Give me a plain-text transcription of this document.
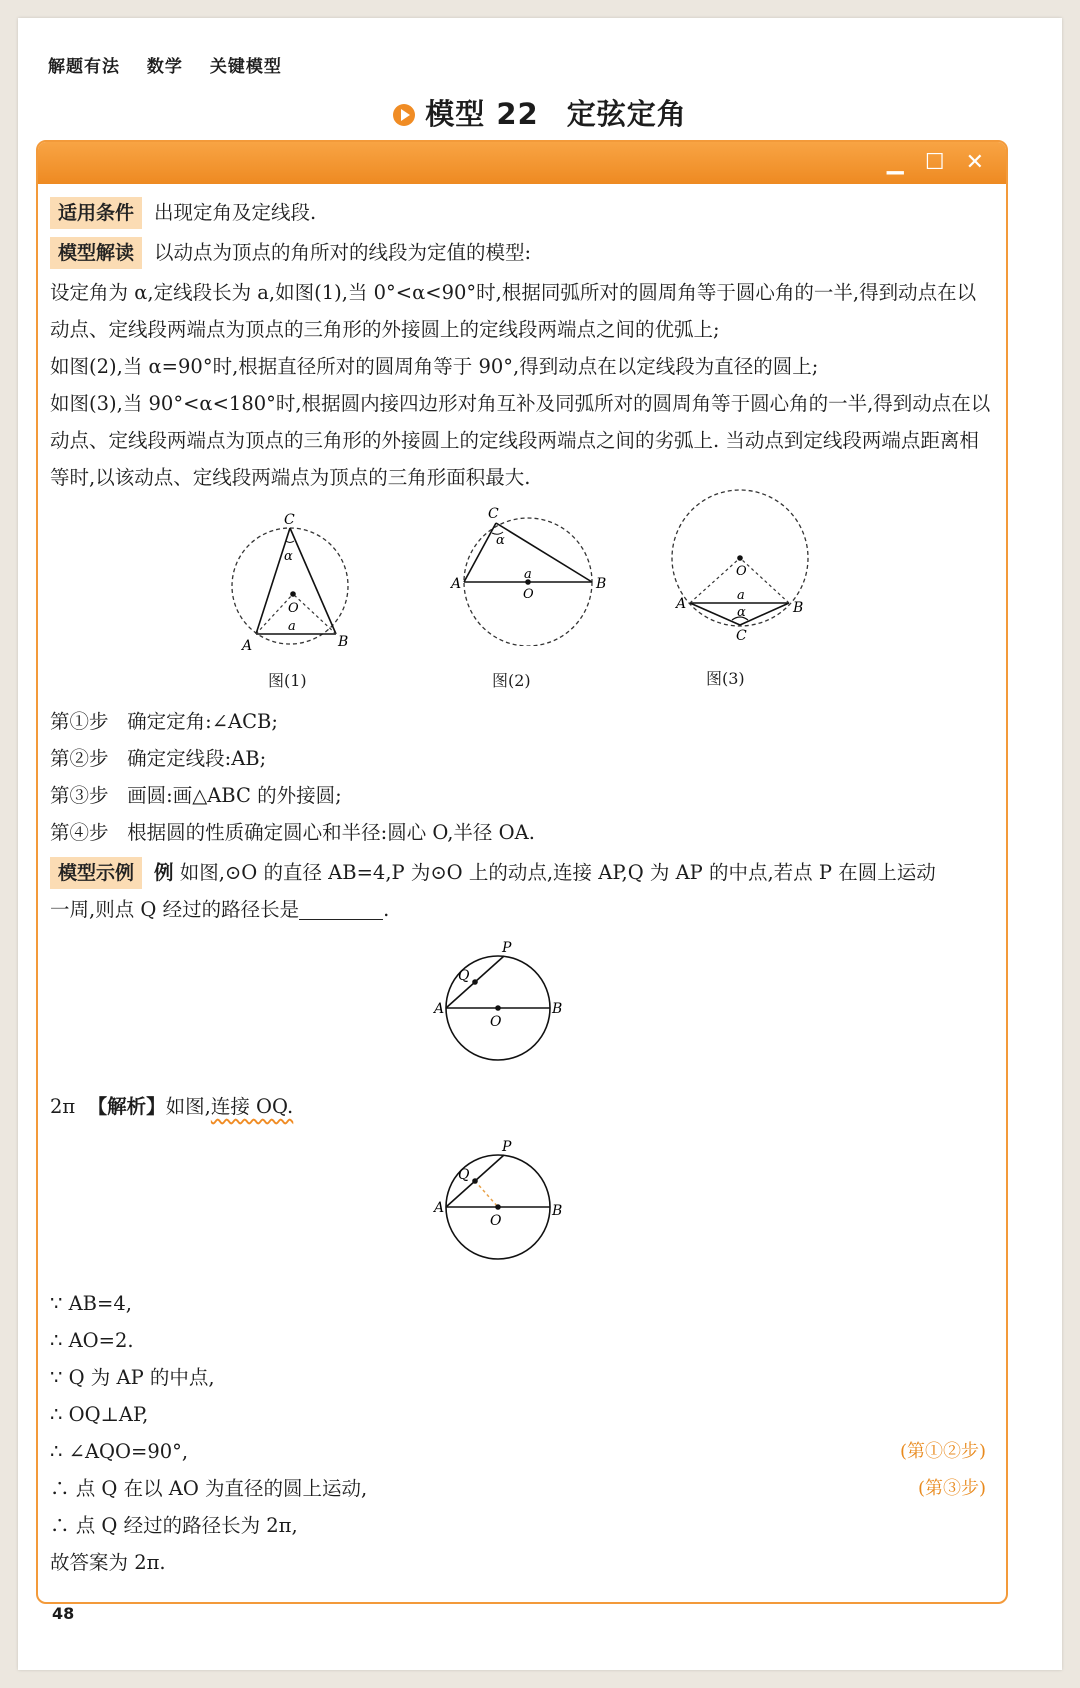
解题有法 数学 关键模型
模型 22 定弦定角
▁ ☐ ✕
适用条件 出现定角及定线段.
模型解读 以动点为顶点的角所对的线段为定值的模型:

设定角为 α,定线段长为 a,如图(1),当 0°<α<90°时,根据同弧所对的圆周角等于圆心角的一半,得到动点在以动点、定线段两端点为顶点的三角形的外接圆上的定线段两端点之间的优弧上;

如图(2),当 α=90°时,根据直径所对的圆周角等于 90°,得到动点在以定线段为直径的圆上;

如图(3),当 90°<α<180°时,根据圆内接四边形对角互补及同弧所对的圆周角等于圆心角的一半,得到动点在以动点、定线段两端点为顶点的三角形的外接圆上的定线段两端点之间的劣弧上. 当动点到定线段两端点距离相等时,以该动点、定线段两端点为顶点的三角形面积最大.

C
α
O
a
A	B
图(1)
C
α
a
O
A	B
图(2)
O
a
α
C
A	B
图(3)
第①步 确定定角:∠ACB;
第②步 确定定线段:AB;
第③步 画圆:画△ABC 的外接圆;
第④步 根据圆的性质确定圆心和半径:圆心 O,半径 OA.
模型示例 例 如图,⊙O 的直径 AB=4,P 为⊙O 上的动点,连接 AP,Q 为 AP 的中点,若点 P 在圆上运动
一周,则点 Q 经过的路径长是	.
P
Q
A	B
O
2π 【解析】如图,连接 OQ.
P
Q
A	B
O
∵ AB=4,
∴ AO=2.
∵ Q 为 AP 的中点,
∴ OQ⊥AP,
∴ ∠AQO=90°,	(第①②步)
∴ 点 Q 在以 AO 为直径的圆上运动,	(第③步)
∴ 点 Q 经过的路径长为 2π,
故答案为 2π.
48
